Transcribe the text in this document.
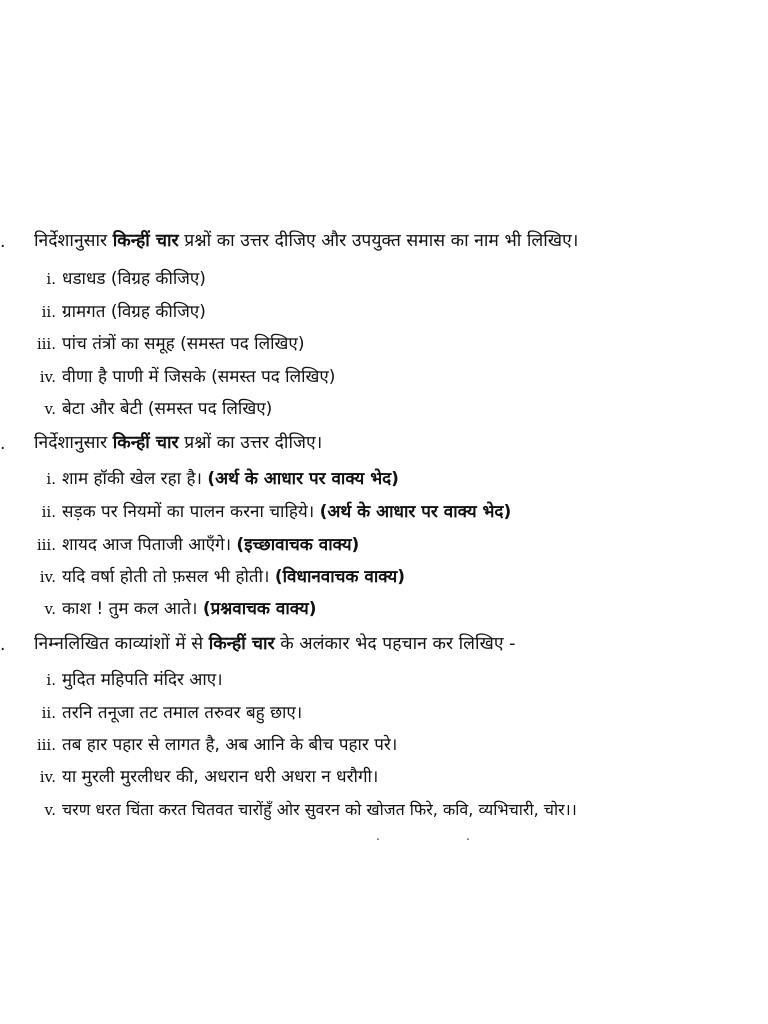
. निर्देशानुसार किन्हीं चार प्रश्नों का उत्तर दीजिए और उपयुक्त समास का नाम भी लिखिए।
i. धडाधड (विग्रह कीजिए)
ii. ग्रामगत (विग्रह कीजिए)
iii. पांच तंत्रों का समूह (समस्त पद लिखिए)
iv. वीणा है पाणी में जिसके (समस्त पद लिखिए)
v. बेटा और बेटी (समस्त पद लिखिए)
. निर्देशानुसार किन्हीं चार प्रश्नों का उत्तर दीजिए।
i. शाम हॉकी खेल रहा है। (अर्थ के आधार पर वाक्य भेद)
ii. सड़क पर नियमों का पालन करना चाहिये। (अर्थ के आधार पर वाक्य भेद)
iii. शायद आज पिताजी आएँगे। (इच्छावाचक वाक्य)
iv. यदि वर्षा होती तो फ़सल भी होती। (विधानवाचक वाक्य)
v. काश ! तुम कल आते। (प्रश्नवाचक वाक्य)
. निम्नलिखित काव्यांशों में से किन्हीं चार के अलंकार भेद पहचान कर लिखिए -
i. मुदित महिपति मंदिर आए।
ii. तरनि तनूजा तट तमाल तरुवर बहु छाए।
iii. तब हार पहार से लागत है, अब आनि के बीच पहार परे।
iv. या मुरली मुरलीधर की, अधरान धरी अधरा न धरौगी।
v. चरण धरत चिंता करत चितवत चारोंहुँ ओर सुवरन को खोजत फिरे, कवि, व्यभिचारी, चोर।।
.	.
